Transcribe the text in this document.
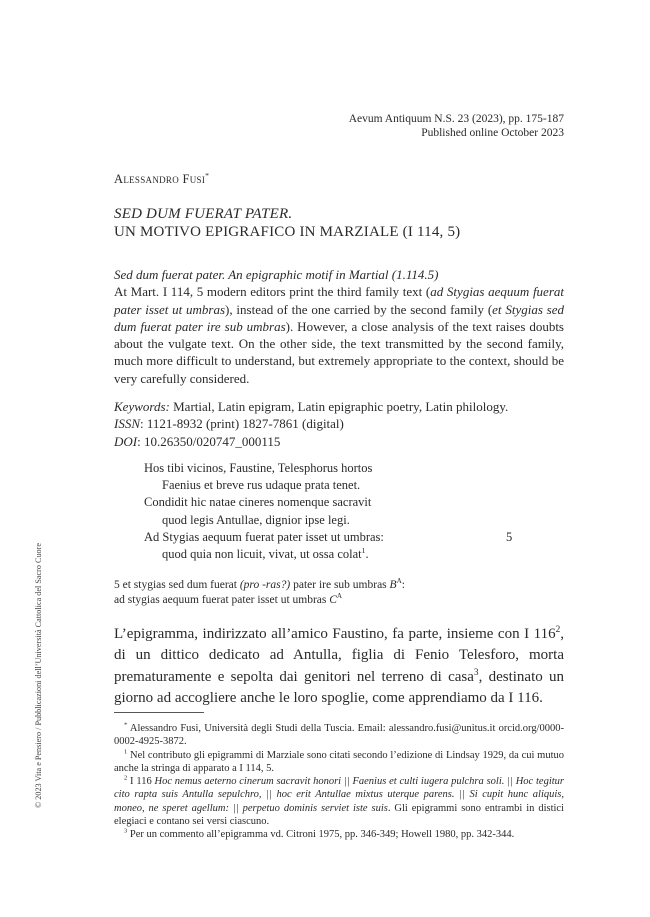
Aevum Antiquum N.S. 23 (2023), pp. 175-187
Published online October 2023
Alessandro Fusi*
SED DUM FUERAT PATER.
UN MOTIVO EPIGRAFICO IN MARZIALE (I 114, 5)
Sed dum fuerat pater. An epigraphic motif in Martial (1.114.5)
At Mart. I 114, 5 modern editors print the third family text (ad Stygias aequum fuerat pater isset ut umbras), instead of the one carried by the second family (et Stygias sed dum fuerat pater ire sub umbras). However, a close analysis of the text raises doubts about the vulgate text. On the other side, the text transmitted by the second family, much more difficult to understand, but extremely appropriate to the context, should be very carefully considered.
Keywords: Martial, Latin epigram, Latin epigraphic poetry, Latin philology.
ISSN: 1121-8932 (print) 1827-7861 (digital)
DOI: 10.26350/020747_000115
Hos tibi vicinos, Faustine, Telesphorus hortos
Faenius et breve rus udaque prata tenet.
Condidit hic natae cineres nomenque sacravit
quod legis Antullae, dignior ipse legi.
Ad Stygias aequum fuerat pater isset ut umbras:	5
quod quia non licuit, vivat, ut ossa colat$^1$.
5 et stygias sed dum fuerat (pro -ras?) pater ire sub umbras $B^A$:
ad stygias aequum fuerat pater isset ut umbras $C^A$
L’epigramma, indirizzato all’amico Faustino, fa parte, insieme con I $116^2$, di un dittico dedicato ad Antulla, figlia di Fenio Telesforo, morta prematuramente e sepolta dai genitori nel terreno di casa$^3$, destinato un giorno ad accogliere anche le loro spoglie, come apprendiamo da I 116.

* Alessandro Fusi, Università degli Studi della Tuscia. Email: alessandro.fusi@unitus.it orcid.org/0000-0002-4925-3872.

$^1$ Nel contributo gli epigrammi di Marziale sono citati secondo l’edizione di Lindsay 1929, da cui mutuo anche la stringa di apparato a I 114, 5.

$^2$ I 116 Hoc nemus aeterno cinerum sacravit honori || Faenius et culti iugera pulchra soli. || Hoc tegitur cito rapta suis Antulla sepulchro, || hoc erit Antullae mixtus uterque parens. || Si cupit hunc aliquis, moneo, ne speret agellum: || perpetuo dominis serviet iste suis. Gli epigrammi sono entrambi in distici elegiaci e contano sei versi ciascuno.

$^3$ Per un commento all’epigramma vd. Citroni 1975, pp. 346-349; Howell 1980, pp. 342-344.

© 2023 Vita e Pensiero / Pubblicazioni dell’Università Cattolica del Sacro Cuore
